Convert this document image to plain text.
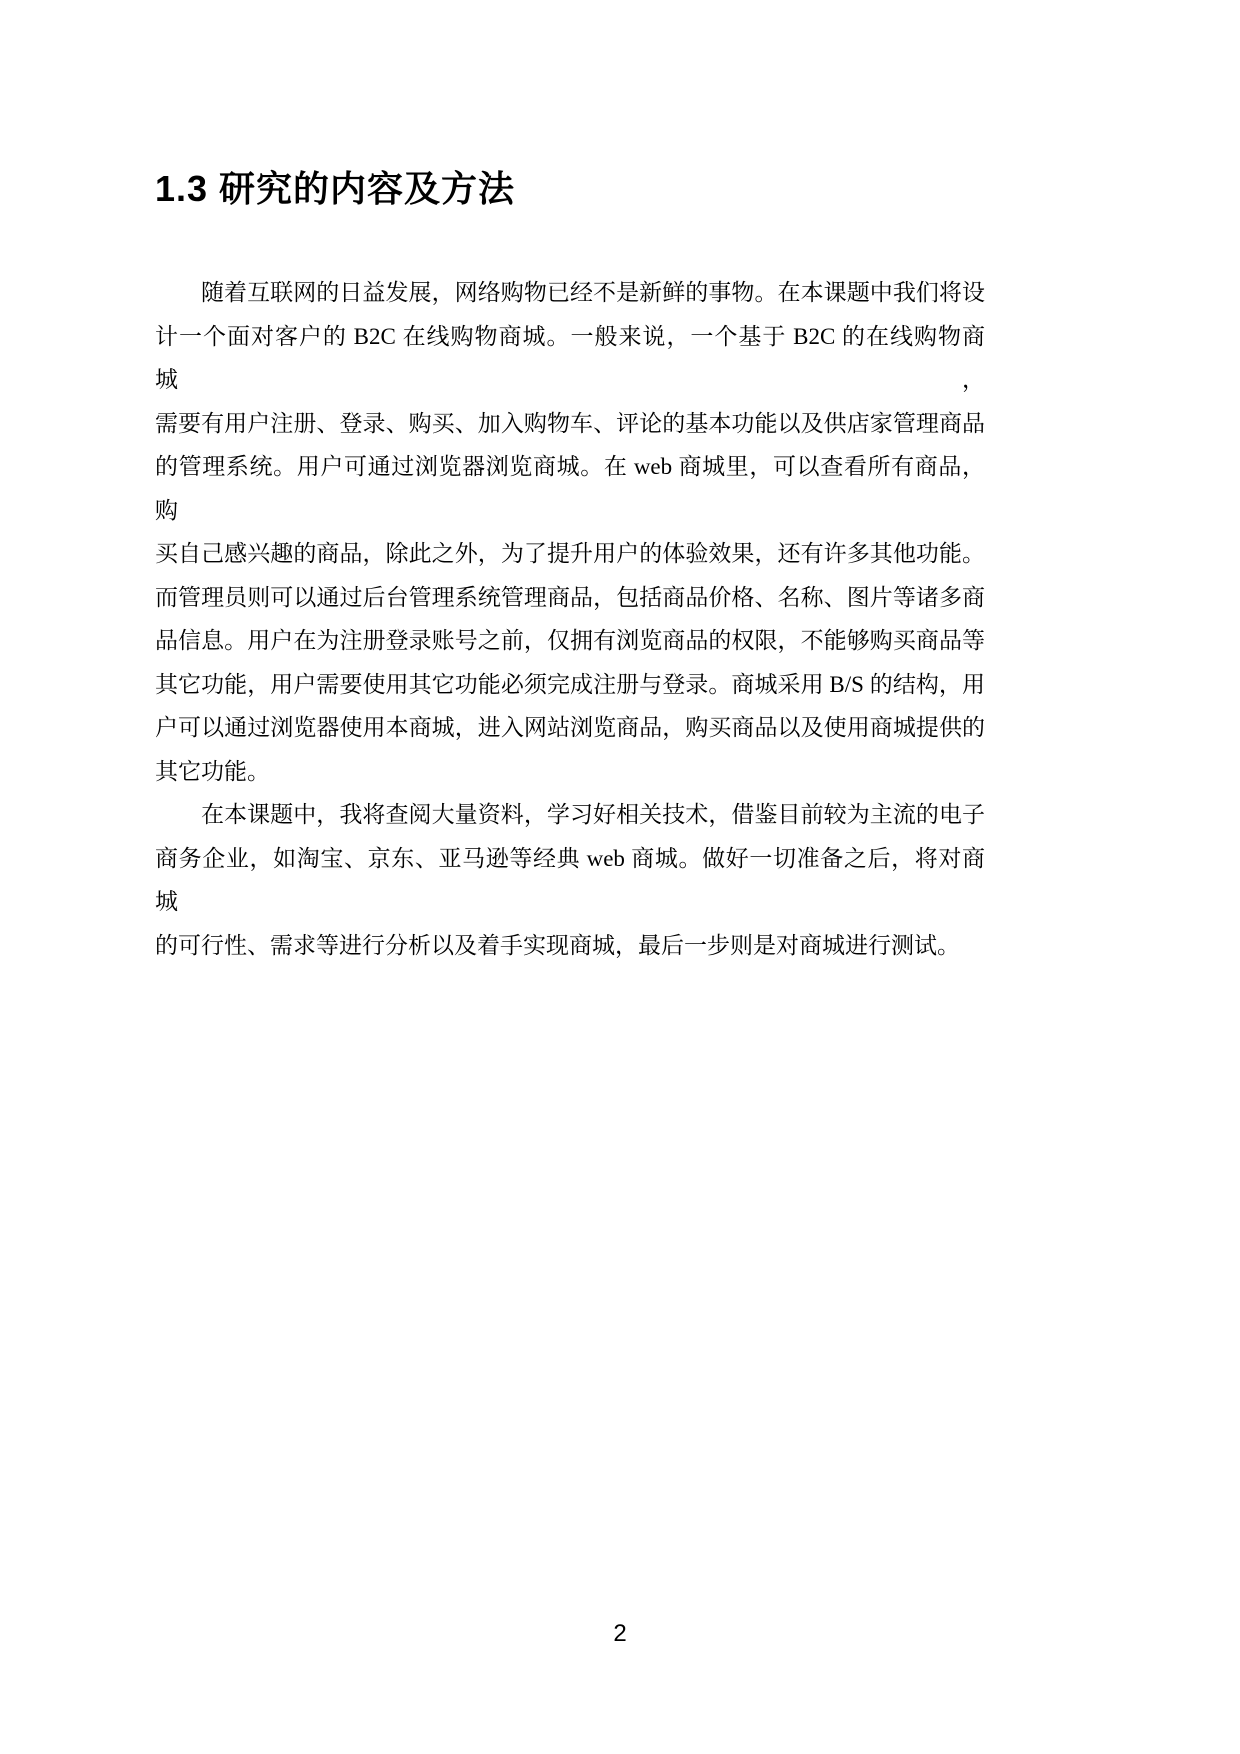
1.3 研究的内容及方法
随着互联网的日益发展，网络购物已经不是新鲜的事物。在本课题中我们将设
计一个面对客户的 B2C 在线购物商城。一般来说，一个基于 B2C 的在线购物商城，
需要有用户注册、登录、购买、加入购物车、评论的基本功能以及供店家管理商品
的管理系统。用户可通过浏览器浏览商城。在 web 商城里，可以查看所有商品，购
买自己感兴趣的商品，除此之外，为了提升用户的体验效果，还有许多其他功能。
而管理员则可以通过后台管理系统管理商品，包括商品价格、名称、图片等诸多商
品信息。用户在为注册登录账号之前，仅拥有浏览商品的权限，不能够购买商品等
其它功能，用户需要使用其它功能必须完成注册与登录。商城采用 B/S 的结构，用
户可以通过浏览器使用本商城，进入网站浏览商品，购买商品以及使用商城提供的
其它功能。
在本课题中，我将查阅大量资料，学习好相关技术，借鉴目前较为主流的电子
商务企业，如淘宝、京东、亚马逊等经典 web 商城。做好一切准备之后，将对商城
的可行性、需求等进行分析以及着手实现商城，最后一步则是对商城进行测试。
2
